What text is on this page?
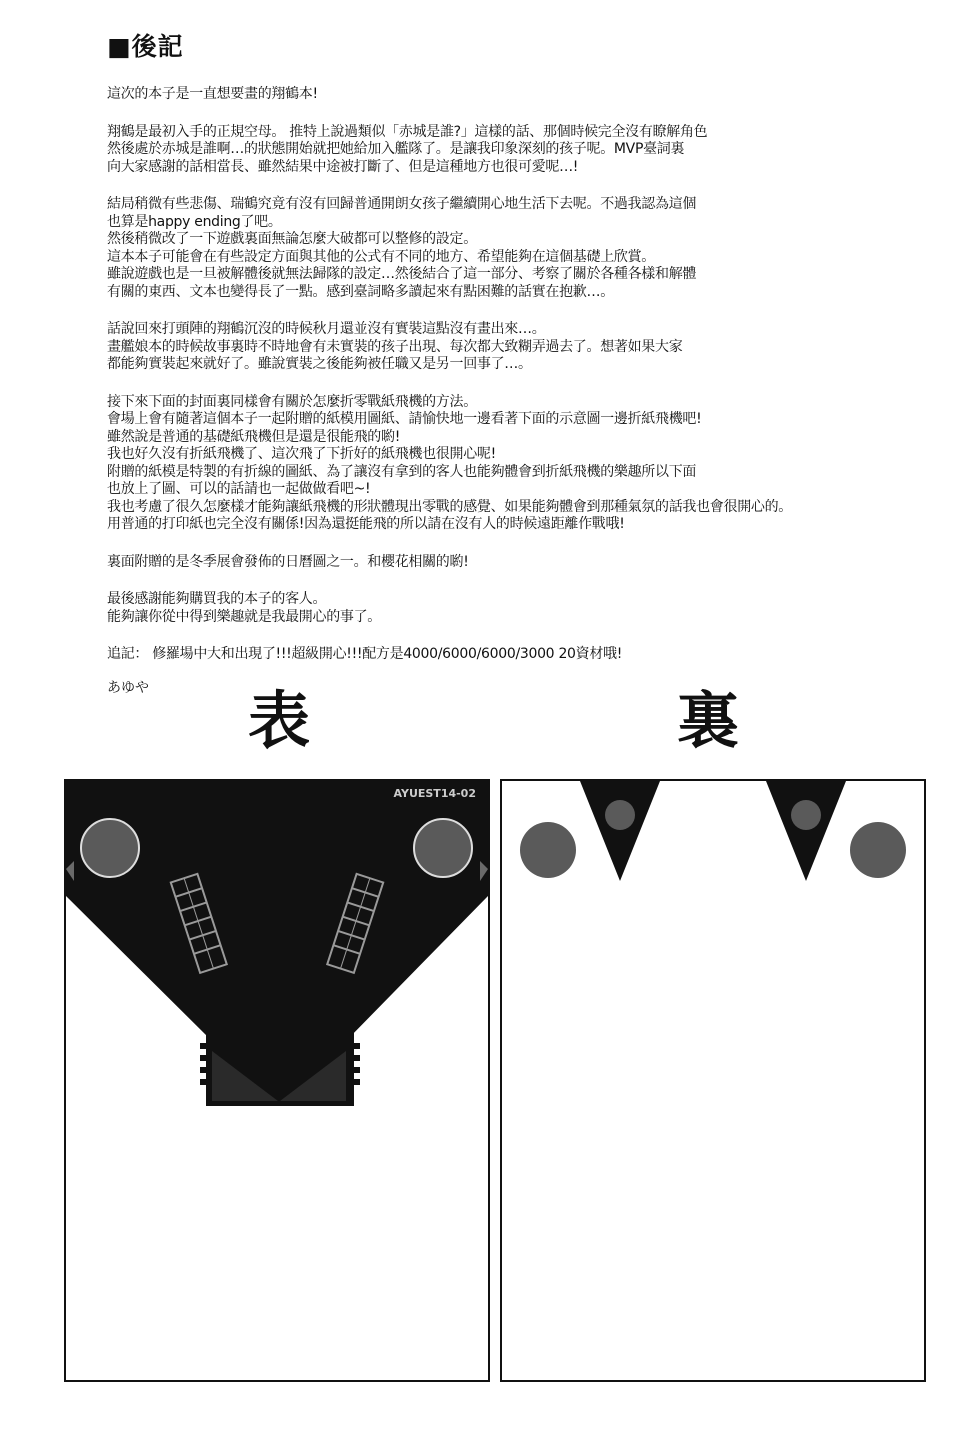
■後記
這次的本子是一直想要畫的翔鶴本!
翔鶴是最初入手的正規空母。 推特上說過類似「赤城是誰?」這樣的話、那個時候完全沒有瞭解角色
然後處於赤城是誰啊…的狀態開始就把她給加入艦隊了。是讓我印象深刻的孩子呢。MVP臺詞裏
向大家感謝的話相當長、雖然結果中途被打斷了、但是這種地方也很可愛呢…!
結局稍微有些悲傷、瑞鶴究竟有沒有回歸普通開朗女孩子繼續開心地生活下去呢。不過我認為這個
也算是happy ending了吧。
然後稍微改了一下遊戲裏面無論怎麼大破都可以整修的設定。
這本本子可能會在有些設定方面與其他的公式有不同的地方、希望能夠在這個基礎上欣賞。
雖說遊戲也是一旦被解體後就無法歸隊的設定…然後結合了這一部分、考察了關於各種各樣和解體
有關的東西、文本也變得長了一點。感到臺詞略多讀起來有點困難的話實在抱歉…。
話說回來打頭陣的翔鶴沉沒的時候秋月還並沒有實裝這點沒有畫出來…。
畫艦娘本的時候故事裏時不時地會有未實裝的孩子出現、每次都大致糊弄過去了。想著如果大家
都能夠實裝起來就好了。雖說實裝之後能夠被任職又是另一回事了…。
接下來下面的封面裏同樣會有關於怎麼折零戰紙飛機的方法。
會場上會有隨著這個本子一起附贈的紙模用圖紙、請愉快地一邊看著下面的示意圖一邊折紙飛機吧!
雖然說是普通的基礎紙飛機但是還是很能飛的喲!
我也好久沒有折紙飛機了、這次飛了下折好的紙飛機也很開心呢!
附贈的紙模是特製的有折線的圖紙、為了讓沒有拿到的客人也能夠體會到折紙飛機的樂趣所以下面
也放上了圖、可以的話請也一起做做看吧~!
我也考慮了很久怎麼樣才能夠讓紙飛機的形狀體現出零戰的感覺、如果能夠體會到那種氣氛的話我也會很開心的。
用普通的打印紙也完全沒有關係!因為還挺能飛的所以請在沒有人的時候遠距離作戰哦!
裏面附贈的是冬季展會發佈的日曆圖之一。和櫻花相關的喲!
最後感謝能夠購買我的本子的客人。
能夠讓你從中得到樂趣就是我最開心的事了。
追記： 修羅場中大和出現了!!!超級開心!!!配方是4000/6000/6000/3000 20資材哦!
あゆや	表	裏
AYUEST14-02
